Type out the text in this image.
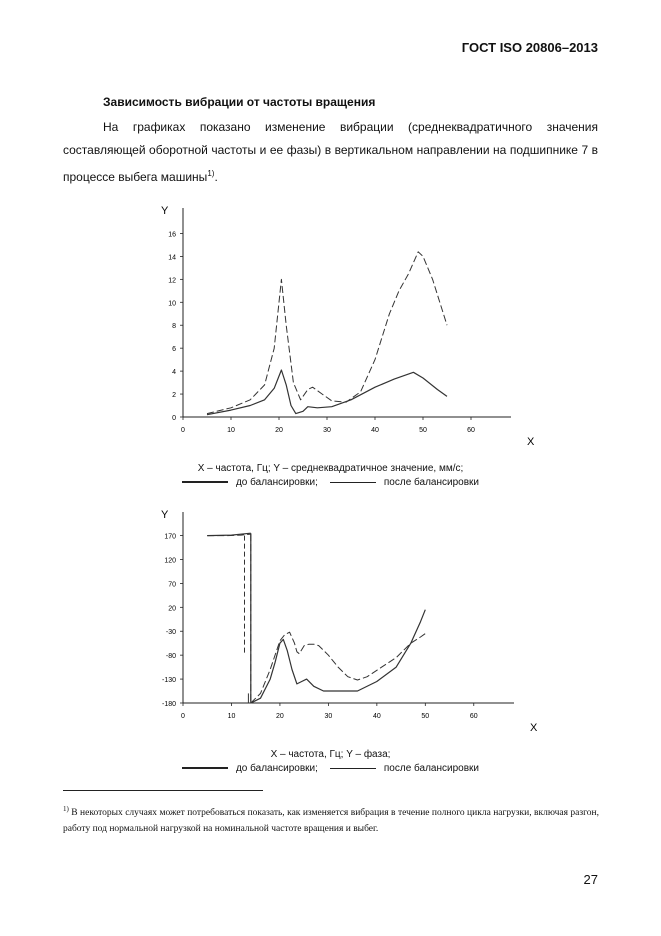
ГОСТ ISO 20806–2013
Зависимость вибрации от частоты вращения
На графиках показано изменение вибрации (среднеквадратичного значения составляющей оборотной частоты и ее фазы) в вертикальном направлении на подшипнике 7 в процессе выбега машины$^{1)}$.
Y
X
0	10	20	30	40	50	60
0
2
4
6
8
10
12
14
16
X – частота, Гц; Y – среднеквадратичное значение, мм/с;
до балансировки;	после балансировки
Y
X
0	10	20	30	40	50	60
-180
-130
-80
-30
20
70
120
170
X – частота, Гц; Y – фаза;
до балансировки;	после балансировки
$^{1)}$ В некоторых случаях может потребоваться показать, как изменяется вибрация в течение полного цикла нагрузки, включая разгон, работу под нормальной нагрузкой на номинальной частоте вращения и выбег.
27
